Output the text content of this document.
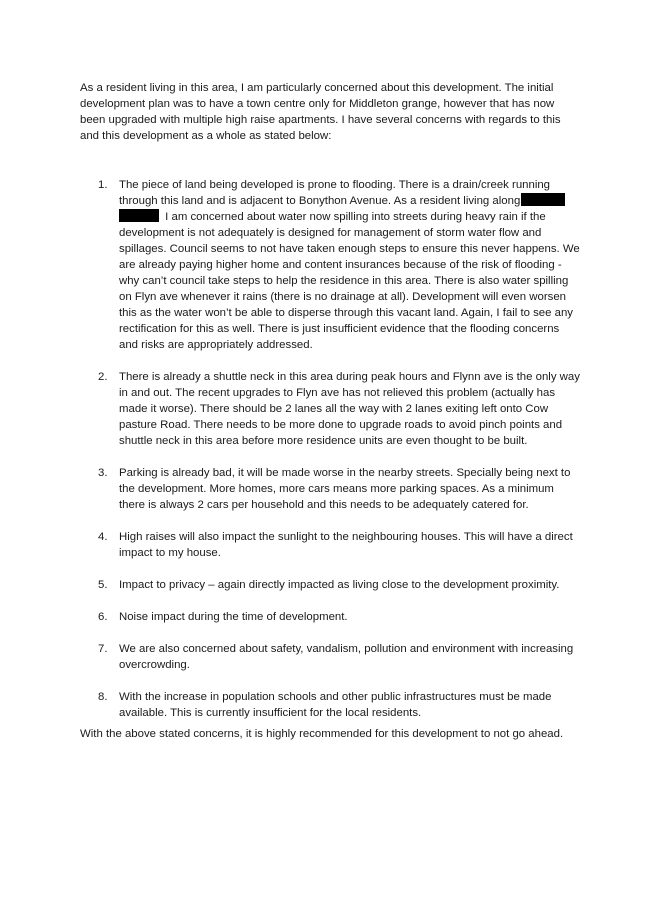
As a resident living in this area, I am particularly concerned about this development. The initial development plan was to have a town centre only for Middleton grange, however that has now been upgraded with multiple high raise apartments. I have several concerns with regards to this and this development as a whole as stated below:

1. The piece of land being developed is prone to flooding. There is a drain/creek running through this land and is adjacent to Bonython Avenue. As a resident living along  I am concerned about water now spilling into streets during heavy rain if the development is not adequately is designed for management of storm water flow and spillages. Council seems to not have taken enough steps to ensure this never happens. We are already paying higher home and content insurances because of the risk of flooding - why can’t council take steps to help the residence in this area. There is also water spilling on Flyn ave whenever it rains (there is no drainage at all). Development will even worsen this as the water won’t be able to disperse through this vacant land. Again, I fail to see any rectification for this as well. There is just insufficient evidence that the flooding concerns and risks are appropriately addressed.
2. There is already a shuttle neck in this area during peak hours and Flynn ave is the only way in and out. The recent upgrades to Flyn ave has not relieved this problem (actually has made it worse). There should be 2 lanes all the way with 2 lanes exiting left onto Cow pasture Road. There needs to be more done to upgrade roads to avoid pinch points and shuttle neck in this area before more residence units are even thought to be built.
3. Parking is already bad, it will be made worse in the nearby streets. Specially being next to the development. More homes, more cars means more parking spaces. As a minimum there is always 2 cars per household and this needs to be adequately catered for.
4. High raises will also impact the sunlight to the neighbouring houses. This will have a direct impact to my house.
5. Impact to privacy – again directly impacted as living close to the development proximity.
6. Noise impact during the time of development.
7. We are also concerned about safety, vandalism, pollution and environment with increasing overcrowding.
8. With the increase in population schools and other public infrastructures must be made available. This is currently insufficient for the local residents.

With the above stated concerns, it is highly recommended for this development to not go ahead.
